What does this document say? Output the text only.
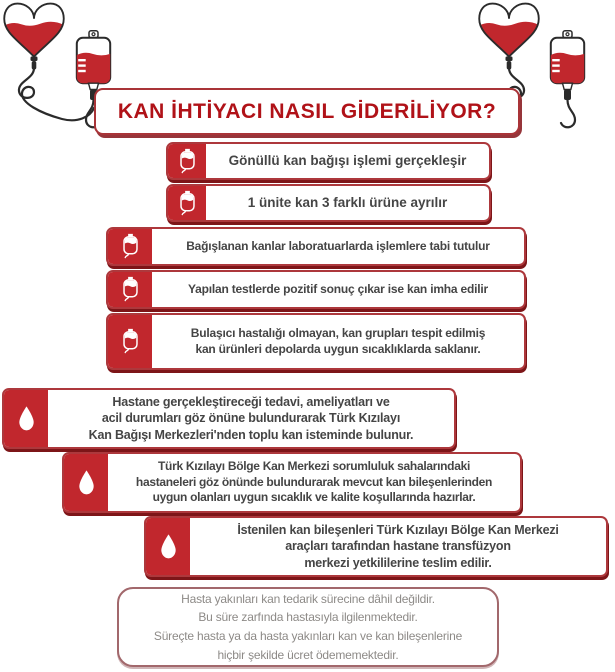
KAN İHTİYACI NASIL GİDERİLİYOR?
Gönüllü kan bağışı işlemi gerçekleşir
1 ünite kan 3 farklı ürüne ayrılır
Bağışlanan kanlar laboratuarlarda işlemlere tabi tutulur
Yapılan testlerde pozitif sonuç çıkar ise kan imha edilir
Bulaşıcı hastalığı olmayan, kan grupları tespit edilmiş
kan ürünleri depolarda uygun sıcaklıklarda saklanır.
Hastane gerçekleştireceği tedavi, ameliyatları ve
acil durumları göz önüne bulundurarak Türk Kızılayı
Kan Bağışı Merkezleri'nden toplu kan isteminde bulunur.
Türk Kızılayı Bölge Kan Merkezi sorumluluk sahalarındaki
hastaneleri göz önünde bulundurarak mevcut kan bileşenlerinden
uygun olanları uygun sıcaklık ve kalite koşullarında hazırlar.
İstenilen kan bileşenleri Türk Kızılayı Bölge Kan Merkezi
araçları tarafından hastane transfüzyon
merkezi yetkililerine teslim edilir.
Hasta yakınları kan tedarik sürecine dâhil değildir.
Bu süre zarfında hastasıyla ilgilenmektedir.
Süreçte hasta ya da hasta yakınları kan ve kan bileşenlerine
hiçbir şekilde ücret ödememektedir.
